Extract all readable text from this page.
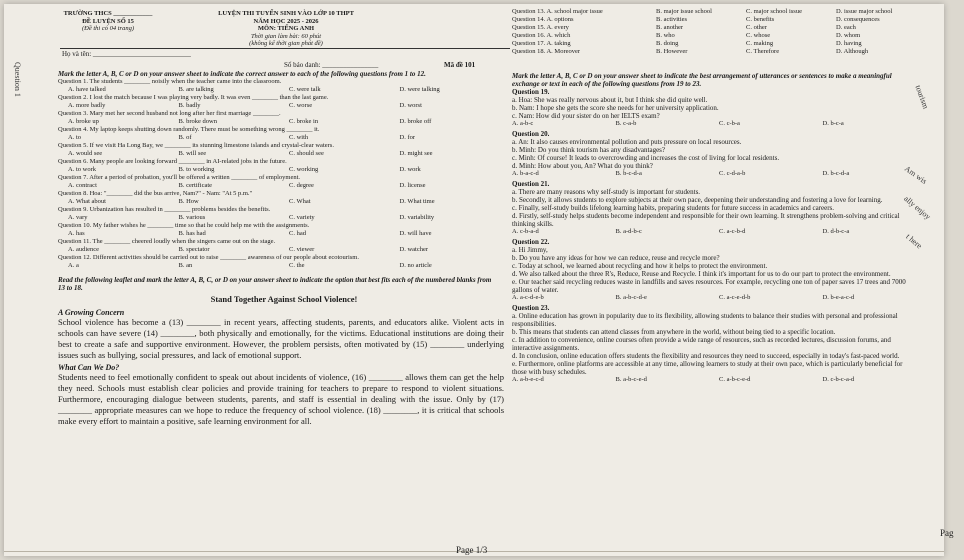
TRƯỜNG THCS ____________
ĐỀ LUYỆN SỐ 15
(Đề thi có 04 trang)
LUYỆN THI TUYỂN SINH VÀO LỚP 10 THPT
NĂM HỌC 2025 - 2026
MÔN: TIẾNG ANH
Thời gian làm bài: 60 phút
(không kể thời gian phát đề)
Họ và tên: ____________________________
Số báo danh: ________________	Mã đề 101
Mark the letter A, B, C or D on your answer sheet to indicate the correct answer to each of the following questions from 1 to 12.
Question 1. The students ________ noisily when the teacher came into the classroom.
A. have talked	B. are talking	C. were talk	D. were talking
Question 2. I lost the match because I was playing very badly. It was even ________ than the last game.
A. more badly	B. badly	C. worse	D. worst
Question 3. Mary met her second husband not long after her first marriage ________.
A. broke up	B. broke down	C. broke in	D. broke off
Question 4. My laptop keeps shutting down randomly. There must be something wrong ________ it.
A. to	B. of	C. with	D. for
Question 5. If we visit Ha Long Bay, we ________ its stunning limestone islands and crystal-clear waters.
A. would see	B. will see	C. should see	D. might see
Question 6. Many people are looking forward ________ in AI-related jobs in the future.
A. to work	B. to working	C. working	D. work
Question 7. After a period of probation, you'll be offered a written ________ of employment.
A. contract	B. certificate	C. degree	D. license
Question 8. Hoa: "________ did the bus arrive, Nam?" - Nam: "At 5 p.m."
A. What about	B. How	C. What	D. What time
Question 9. Urbanization has resulted in ________ problems besides the benefits.
A. vary	B. various	C. variety	D. variability
Question 10. My father wishes he ________ time so that he could help me with the assignments.
A. has	B. has had	C. had	D. will have
Question 11. The ________ cheered loudly when the singers came out on the stage.
A. audience	B. spectator	C. viewer	D. watcher
Question 12. Different activities should be carried out to raise ________ awareness of our people about ecotourism.
A. a	B. an	C. the	D. no article
Read the following leaflet and mark the letter A, B, C, or D on your answer sheet to indicate the option that best fits each of the numbered blanks from 13 to 18.
Stand Together Against School Violence!
A Growing Concern
School violence has become a (13) ________ in recent years, affecting students, parents, and educators alike. Violent acts in schools can have severe (14) ________, both physically and emotionally, for the victims. Educational institutions are doing their best to create a safe and supportive environment. However, the problem persists, often motivated by (15) ________ underlying issues such as bullying, social pressures, and lack of emotional support.
What Can We Do?
Students need to feel emotionally confident to speak out about incidents of violence, (16) ________ allows them can get the help they need. Schools must establish clear policies and provide training for teachers to prepare to respond to violent situations. Furthermore, encouraging dialogue between students, parents, and staff is essential in dealing with the issue. Only by (17) ________ appropriate measures can we hope to reduce the frequency of school violence. (18) ________, it is critical that schools make every effort to maintain a positive, safe learning environment for all.
Question 13. A. school major issue	B. major issue school	C. major school issue	D. issue major school
Question 14. A. options	B. activities	C. benefits	D. consequences
Question 15. A. every	B. another	C. other	D. each
Question 16. A. which	B. who	C. whose	D. whom
Question 17. A. taking	B. doing	C. making	D. having
Question 18. A. Moreover	B. However	C. Therefore	D. Although
Mark the letter A, B, C or D on your answer sheet to indicate the best arrangement of utterances or sentences to make a meaningful exchange or text in each of the following questions from 19 to 23.
Question 19.
a. Hoa: She was really nervous about it, but I think she did quite well.
b. Nam: I hope she gets the score she needs for her university application.
c. Nam: How did your sister do on her IELTS exam?
A. a-b-c	B. c-a-b	C. c-b-a	D. b-c-a
Question 20.
a. An: It also causes environmental pollution and puts pressure on local resources.
b. Minh: Do you think tourism has any disadvantages?
c. Minh: Of course! It leads to overcrowding and increases the cost of living for local residents.
d. Minh: How about you, An? What do you think?
A. b-a-c-d	B. b-c-d-a	C. c-d-a-b	D. b-c-d-a
Question 21.
a. There are many reasons why self-study is important for students.
b. Secondly, it allows students to explore subjects at their own pace, deepening their understanding and fostering a love for learning.
c. Finally, self-study builds lifelong learning habits, preparing students for future success in academics and careers.
d. Firstly, self-study helps students become independent and responsible for their own learning. It strengthens problem-solving and critical thinking skills.
A. c-b-a-d	B. a-d-b-c	C. a-c-b-d	D. d-b-c-a
Question 22.
a. Hi Jimmy,
b. Do you have any ideas for how we can reduce, reuse and recycle more?
c. Today at school, we learned about recycling and how it helps to protect the environment.
d. We also talked about the three R's, Reduce, Reuse and Recycle. I think it's important for us to do our part to protect the environment.
e. Our teacher said recycling reduces waste in landfills and saves resources. For example, recycling one ton of paper saves 17 trees and 7000 gallons of water.
A. a-c-d-e-b	B. a-b-c-d-e	C. a-c-e-d-b	D. b-e-a-c-d
Question 23.
a. Online education has grown in popularity due to its flexibility, allowing students to balance their studies with personal and professional responsibilities.
b. This means that students can attend classes from anywhere in the world, without being tied to a specific location.
c. In addition to convenience, online courses often provide a wide range of resources, such as recorded lectures, discussion forums, and interactive assignments.
d. In conclusion, online education offers students the flexibility and resources they need to succeed, especially in today's fast-paced world.
e. Furthermore, online platforms are accessible at any time, allowing learners to study at their own pace, which is particularly beneficial for those with busy schedules.
A. a-b-e-c-d	B. a-b-c-e-d	C. a-b-c-e-d	D. c-b-c-a-d
Question 1
tourism
Am wis
ally enjoy
t here
Page 1/3
Pag
